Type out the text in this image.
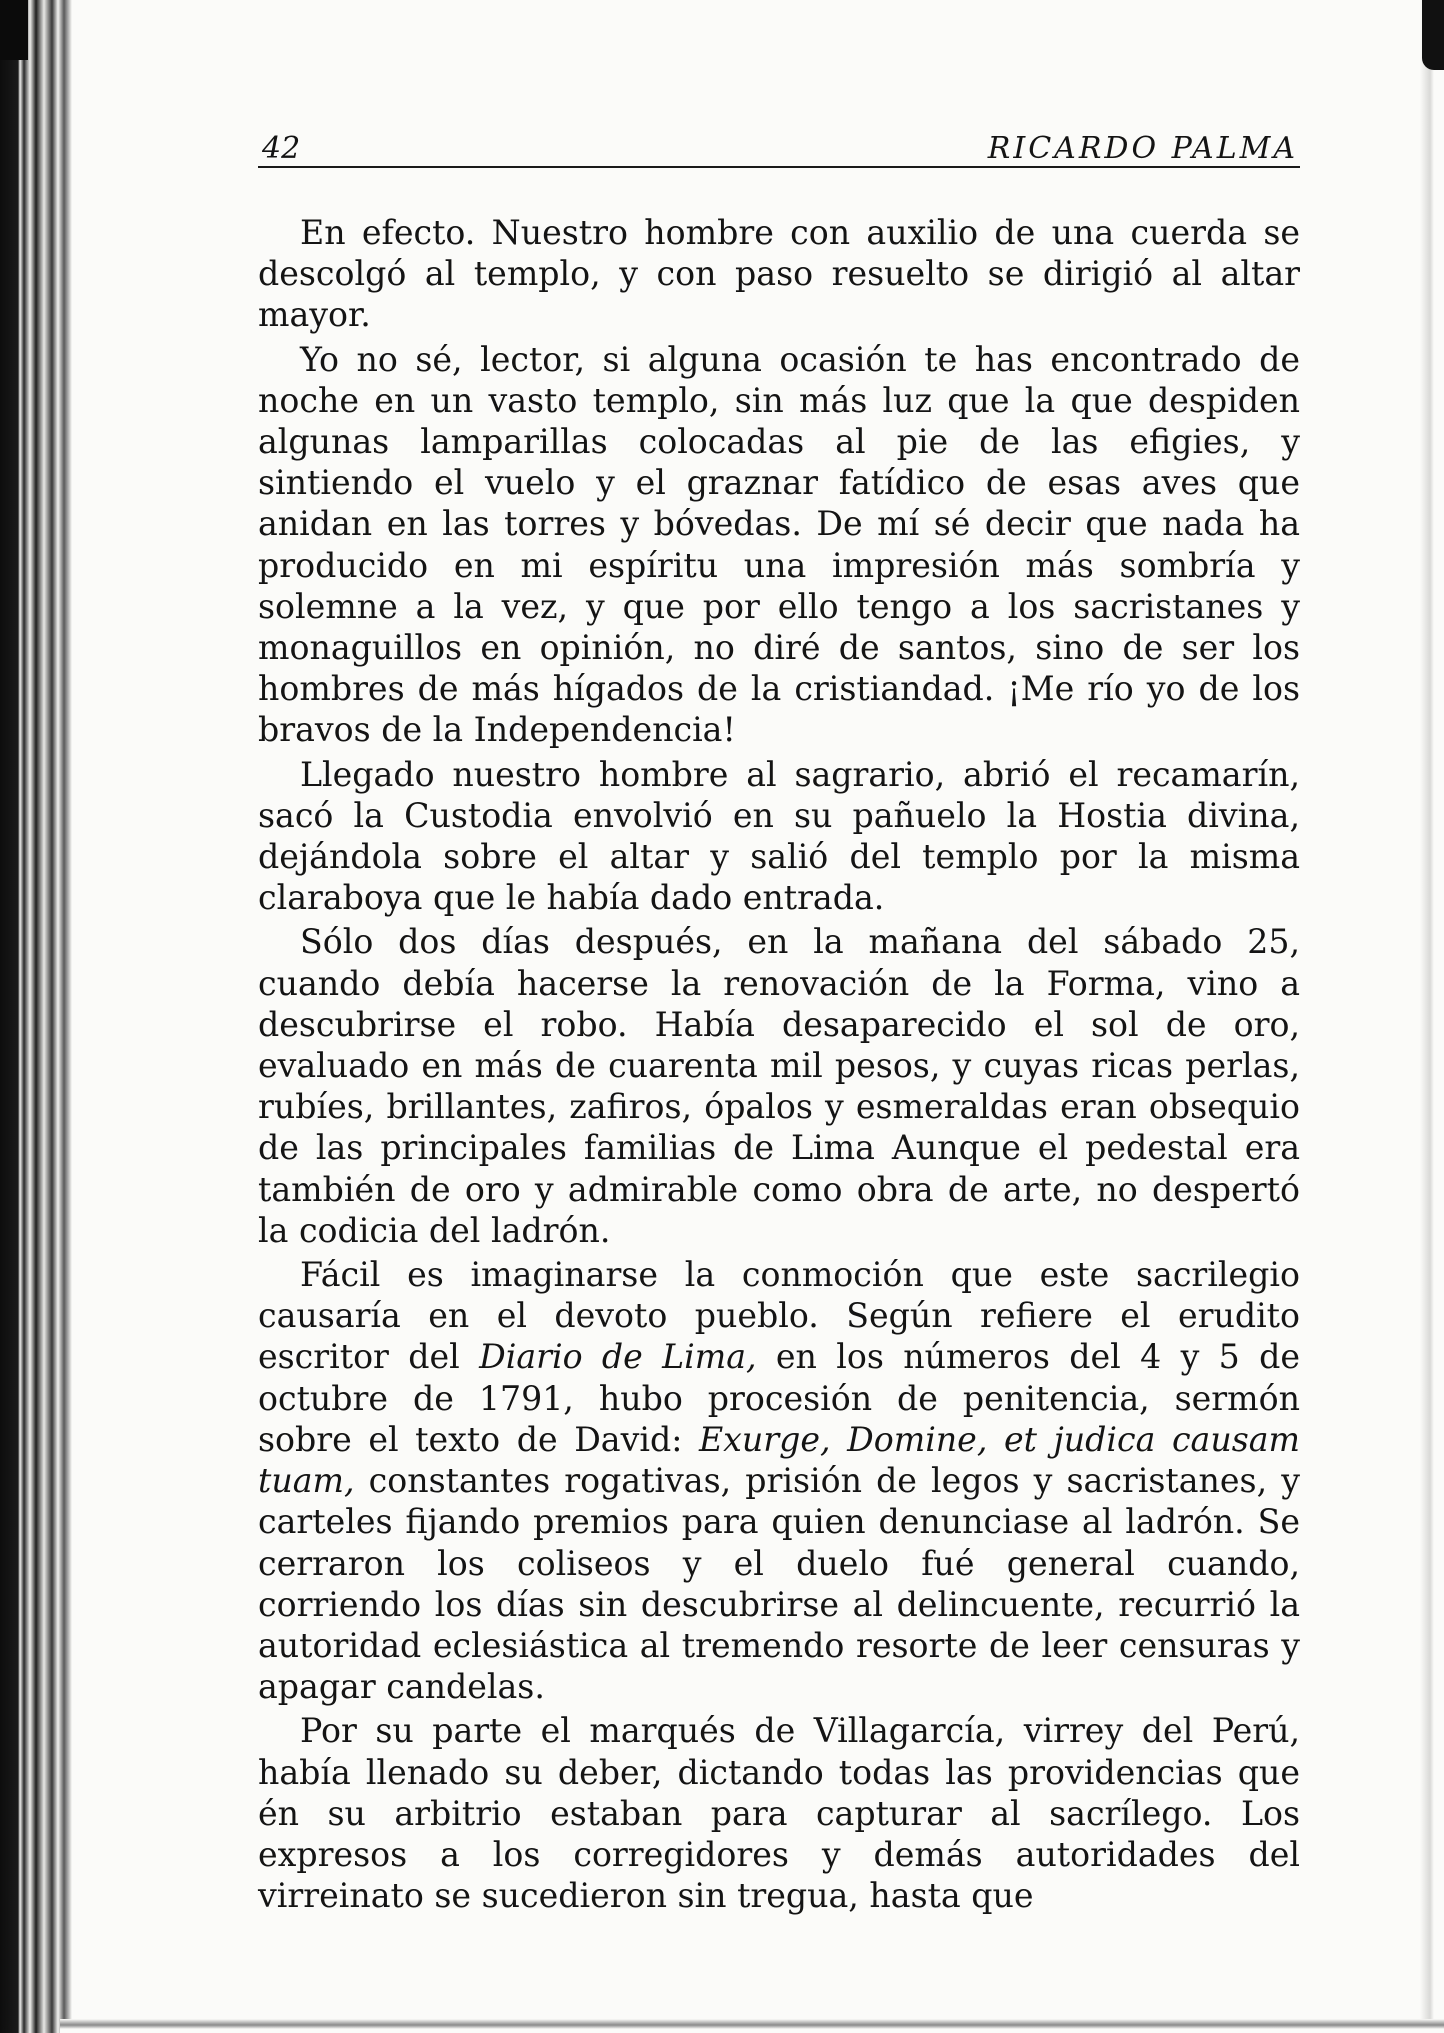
42	RICARDO PALMA

En efecto. Nuestro hombre con auxilio de una cuerda se descolgó al templo, y con paso resuelto se dirigió al altar mayor.

Yo no sé, lector, si alguna ocasión te has encontrado de noche en un vasto templo, sin más luz que la que despiden algunas lamparillas colocadas al pie de las efigies, y sintiendo el vuelo y el graznar fatídico de esas aves que anidan en las torres y bóvedas. De mí sé decir que nada ha producido en mi espíritu una impresión más sombría y solemne a la vez, y que por ello tengo a los sacristanes y monaguillos en opinión, no diré de santos, sino de ser los hombres de más hígados de la cristiandad. ¡Me río yo de los bravos de la Independencia!

Llegado nuestro hombre al sagrario, abrió el recamarín, sacó la Custodia envolvió en su pañuelo la Hostia divina, dejándola sobre el altar y salió del templo por la misma claraboya que le había dado entrada.

Sólo dos días después, en la mañana del sábado 25, cuando debía hacerse la renovación de la Forma, vino a descubrirse el robo. Había desaparecido el sol de oro, evaluado en más de cuarenta mil pesos, y cuyas ricas perlas, rubíes, brillantes, zafiros, ópalos y esmeraldas eran obsequio de las principales familias de Lima Aunque el pedestal era también de oro y admirable como obra de arte, no despertó la codicia del ladrón.

Fácil es imaginarse la conmoción que este sacrilegio causaría en el devoto pueblo. Según refiere el erudito escritor del Diario de Lima, en los números del 4 y 5 de octubre de 1791, hubo procesión de penitencia, sermón sobre el texto de David: Exurge, Domine, et judica causam tuam, constantes rogativas, prisión de legos y sacristanes, y carteles fijando premios para quien denunciase al ladrón. Se cerraron los coliseos y el duelo fué general cuando, corriendo los días sin descubrirse al delincuente, recurrió la autoridad eclesiástica al tremendo resorte de leer censuras y apagar candelas.

Por su parte el marqués de Villagarcía, virrey del Perú, había llenado su deber, dictando todas las providencias que én su arbitrio estaban para capturar al sacrílego. Los expresos a los corregidores y demás autoridades del virreinato se sucedieron sin tregua, hasta que
